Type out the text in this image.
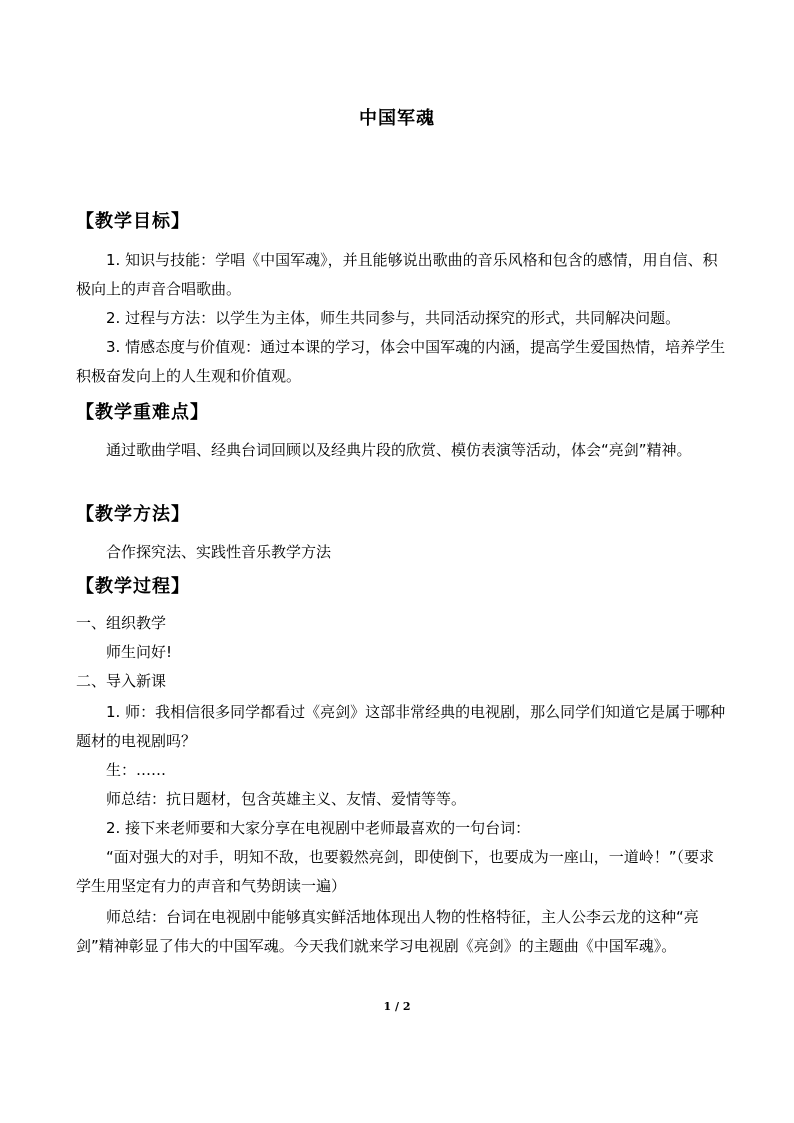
中国军魂
【教学目标】
1. 知识与技能：学唱《中国军魂》，并且能够说出歌曲的音乐风格和包含的感情，用自信、积极向上的声音合唱歌曲。
2. 过程与方法：以学生为主体，师生共同参与，共同活动探究的形式，共同解决问题。
3. 情感态度与价值观：通过本课的学习，体会中国军魂的内涵，提高学生爱国热情，培养学生积极奋发向上的人生观和价值观。
【教学重难点】
通过歌曲学唱、经典台词回顾以及经典片段的欣赏、模仿表演等活动，体会“亮剑”精神。
【教学方法】
合作探究法、实践性音乐教学方法
【教学过程】
一、组织教学
师生问好!
二、导入新课
1. 师：我相信很多同学都看过《亮剑》这部非常经典的电视剧，那么同学们知道它是属于哪种题材的电视剧吗？
生：……
师总结：抗日题材，包含英雄主义、友情、爱情等等。
2. 接下来老师要和大家分享在电视剧中老师最喜欢的一句台词：
“面对强大的对手，明知不敌，也要毅然亮剑，即使倒下，也要成为一座山，一道岭！”（要求学生用坚定有力的声音和气势朗读一遍）
师总结：台词在电视剧中能够真实鲜活地体现出人物的性格特征，主人公李云龙的这种“亮剑”精神彰显了伟大的中国军魂。今天我们就来学习电视剧《亮剑》的主题曲《中国军魂》。
1 / 2
